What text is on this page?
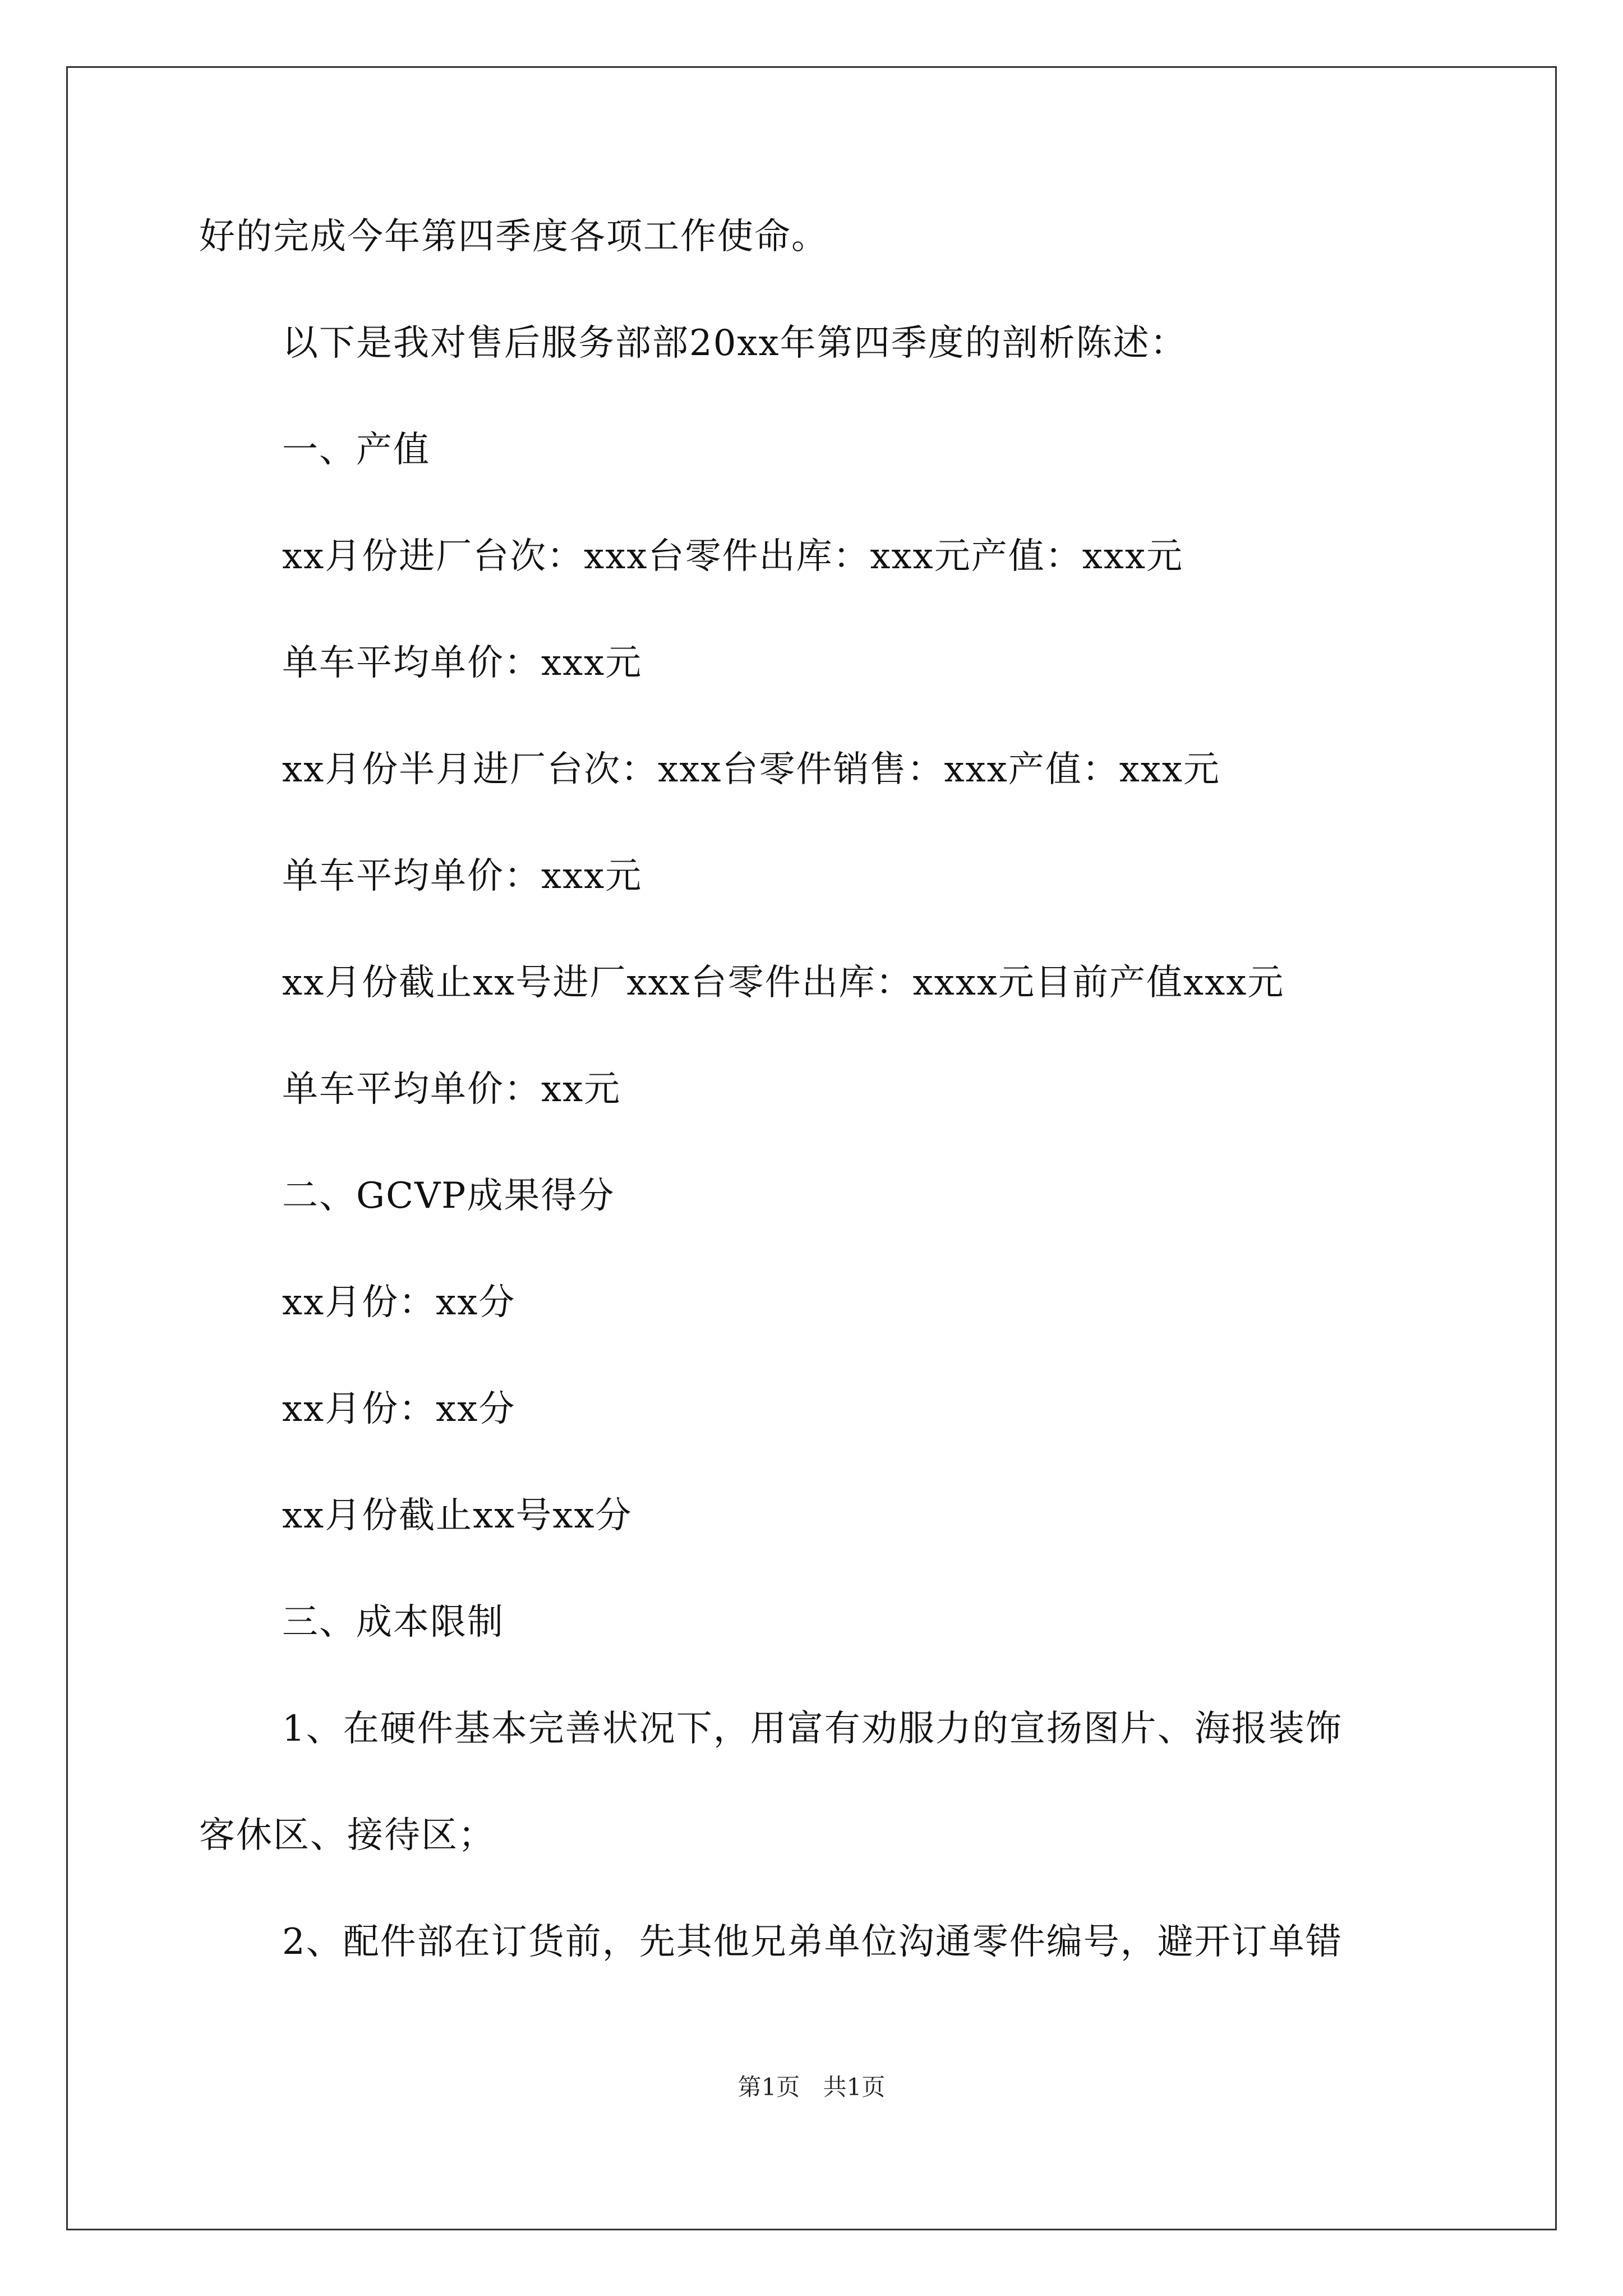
好的完成今年第四季度各项工作使命。
以下是我对售后服务部部20xx年第四季度的剖析陈述：
一、产值
xx月份进厂台次：xxx台零件出库：xxx元产值：xxx元
单车平均单价：xxx元
xx月份半月进厂台次：xxx台零件销售：xxx产值：xxx元
单车平均单价：xxx元
xx月份截止xx号进厂xxx台零件出库：xxxx元目前产值xxx元
单车平均单价：xx元
二、GCVP成果得分
xx月份：xx分
xx月份：xx分
xx月份截止xx号xx分
三、成本限制
1、在硬件基本完善状况下，用富有劝服力的宣扬图片、海报装饰
客休区、接待区；
2、配件部在订货前，先其他兄弟单位沟通零件编号，避开订单错
第1页 共1页
